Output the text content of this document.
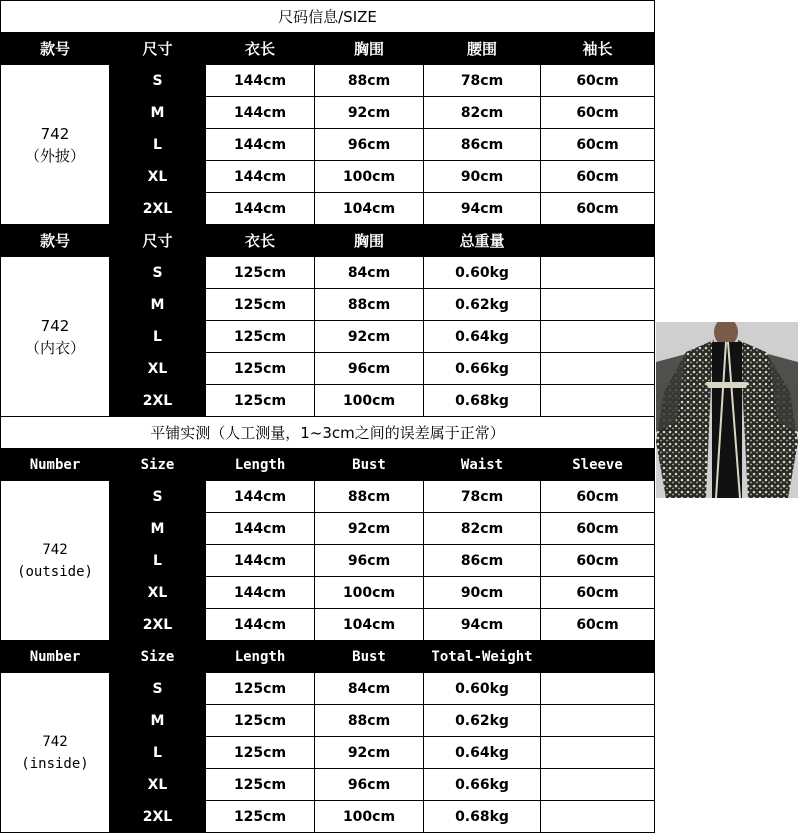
尺码信息/SIZE					
款号	尺寸	衣长	胸围	腰围	袖长

742
（外披）	S	144cm	88cm	78cm	60cm
	M	144cm	92cm	82cm	60cm
	L	144cm	96cm	86cm	60cm
	XL	144cm	100cm	90cm	60cm
	2XL	144cm	104cm	94cm	60cm
款号	尺寸	衣长	胸围	总重量	

742
（内衣）	S	125cm	84cm	0.60kg	
	M	125cm	88cm	0.62kg	
	L	125cm	92cm	0.64kg	
	XL	125cm	96cm	0.66kg	
	2XL	125cm	100cm	0.68kg	
平铺实测（人工测量，1~3cm之间的误差属于正常）					
Number	Size	Length	Bust	Waist	Sleeve

742
(outside)	S	144cm	88cm	78cm	60cm
	M	144cm	92cm	82cm	60cm
	L	144cm	96cm	86cm	60cm
	XL	144cm	100cm	90cm	60cm
	2XL	144cm	104cm	94cm	60cm
Number	Size	Length	Bust	Total-Weight	

742
(inside)	S	125cm	84cm	0.60kg	
	M	125cm	88cm	0.62kg	
	L	125cm	92cm	0.64kg	
	XL	125cm	96cm	0.66kg	
	2XL	125cm	100cm	0.68kg	
